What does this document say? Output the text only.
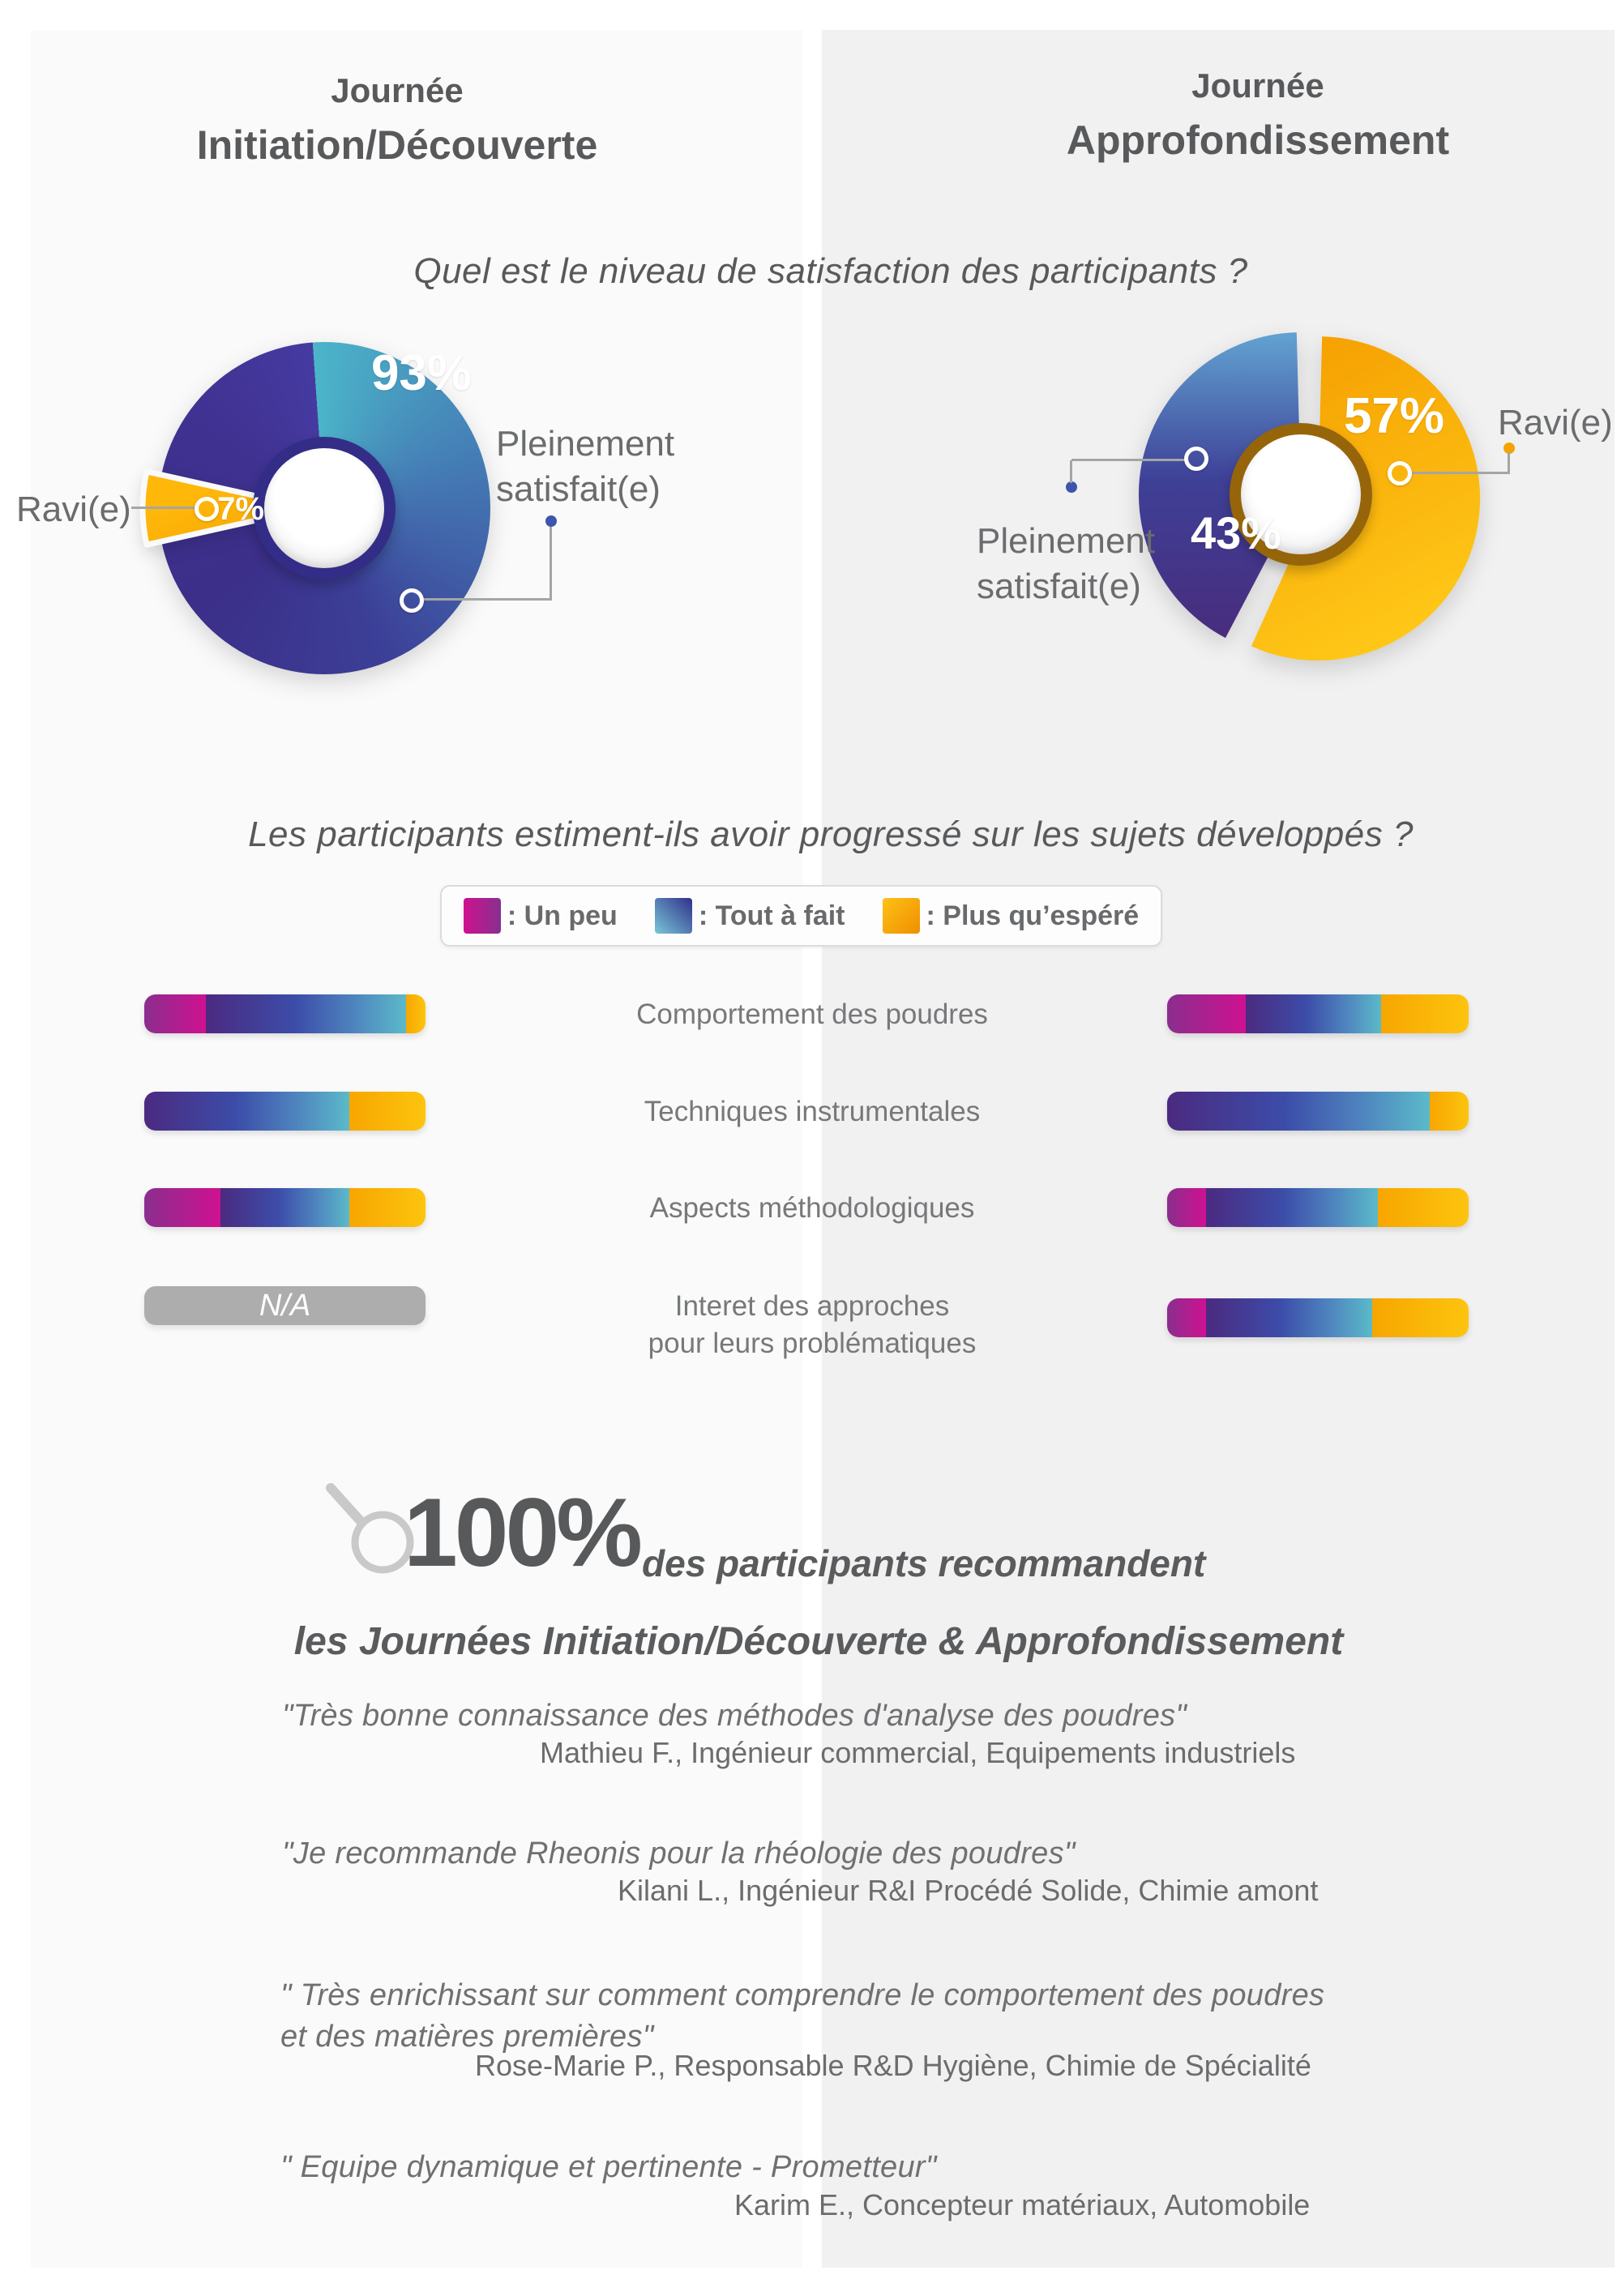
Journée
Initiation/Découverte
Journée
Approfondissement
Quel est le niveau de satisfaction des participants ?
93%
7%
Ravi(e)
Pleinement
satisfait(e)
57%
43%
Ravi(e)
Pleinement
satisfait(e)
Les participants estiment-ils avoir progressé sur les sujets développés ?
: Un peu	: Tout à fait	: Plus qu’espéré
N/A
Comportement des poudres
Techniques instrumentales
Aspects méthodologiques
Interet des approches
pour leurs problématiques
100% des participants recommandent
les Journées Initiation/Découverte & Approfondissement
"Très bonne connaissance des méthodes d'analyse des poudres"
Mathieu F., Ingénieur commercial, Equipements industriels
"Je recommande Rheonis pour la rhéologie des poudres"
Kilani L., Ingénieur R&I Procédé Solide, Chimie amont
" Très enrichissant sur comment comprendre le comportement des poudres
et des matières premières"
Rose-Marie P., Responsable R&D Hygiène, Chimie de Spécialité
" Equipe dynamique et pertinente - Prometteur"
Karim E., Concepteur matériaux, Automobile
